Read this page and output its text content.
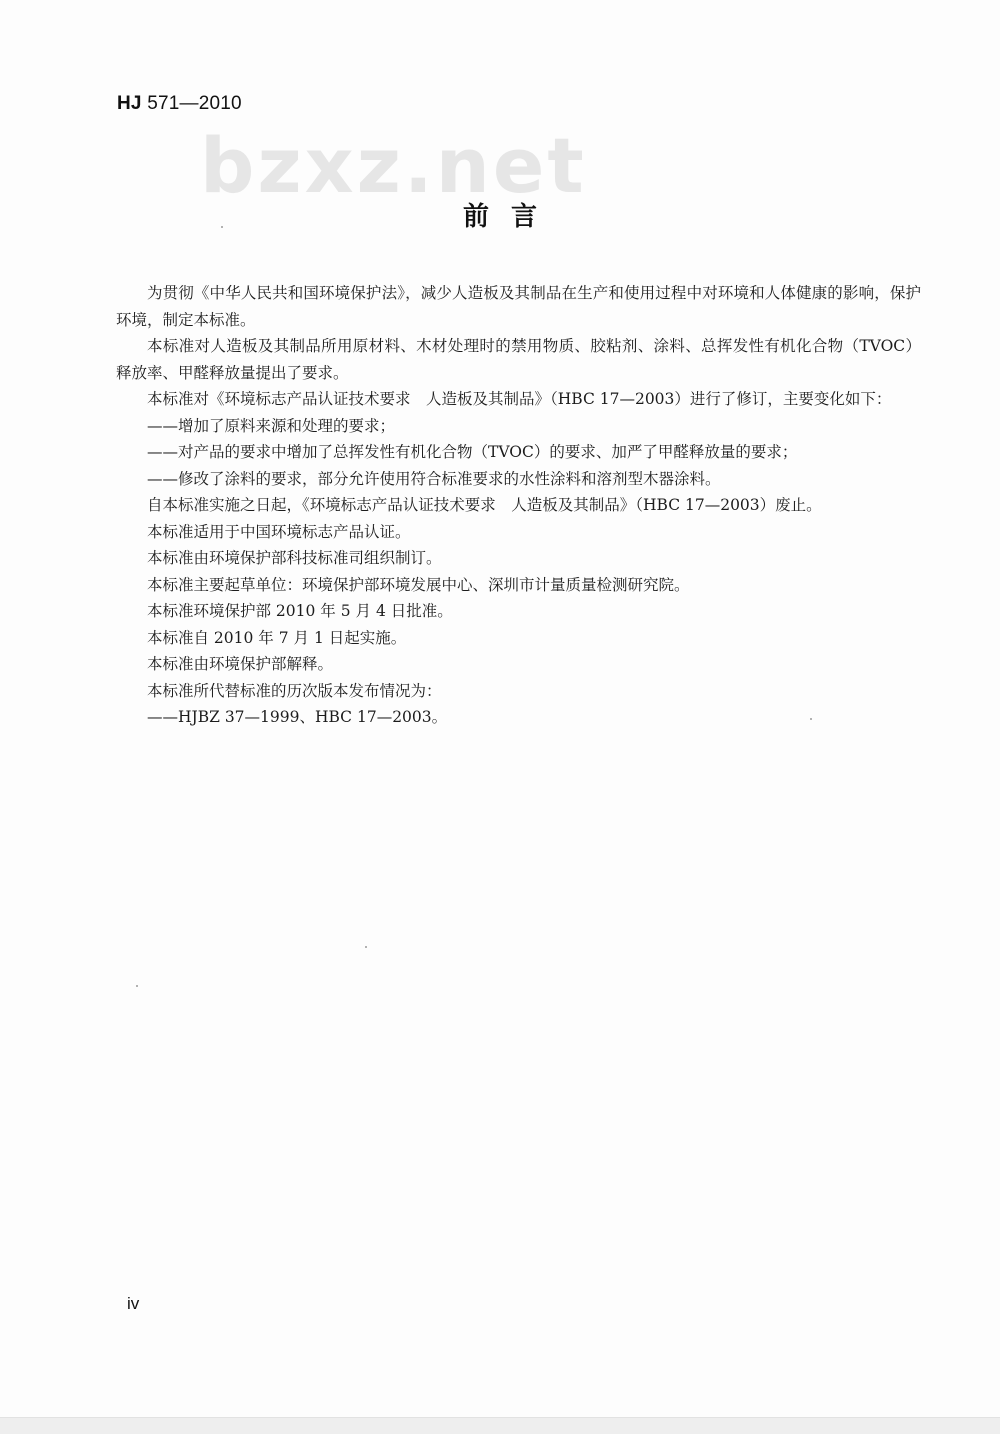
HJ 571—2010
bzxz.net
前言

为贯彻《中华人民共和国环境保护法》，减少人造板及其制品在生产和使用过程中对环境和人体健康的影响，保护环境，制定本标准。

本标准对人造板及其制品所用原材料、木材处理时的禁用物质、胶粘剂、涂料、总挥发性有机化合物（TVOC）释放率、甲醛释放量提出了要求。

本标准对《环境标志产品认证技术要求　人造板及其制品》（HBC 17—2003）进行了修订，主要变化如下：

——增加了原料来源和处理的要求；

——对产品的要求中增加了总挥发性有机化合物（TVOC）的要求、加严了甲醛释放量的要求；

——修改了涂料的要求，部分允许使用符合标准要求的水性涂料和溶剂型木器涂料。

自本标准实施之日起，《环境标志产品认证技术要求　人造板及其制品》（HBC 17—2003）废止。

本标准适用于中国环境标志产品认证。

本标准由环境保护部科技标准司组织制订。

本标准主要起草单位：环境保护部环境发展中心、深圳市计量质量检测研究院。

本标准环境保护部 2010 年 5 月 4 日批准。

本标准自 2010 年 7 月 1 日起实施。

本标准由环境保护部解释。

本标准所代替标准的历次版本发布情况为：

——HJBZ 37—1999、HBC 17—2003。

iv
